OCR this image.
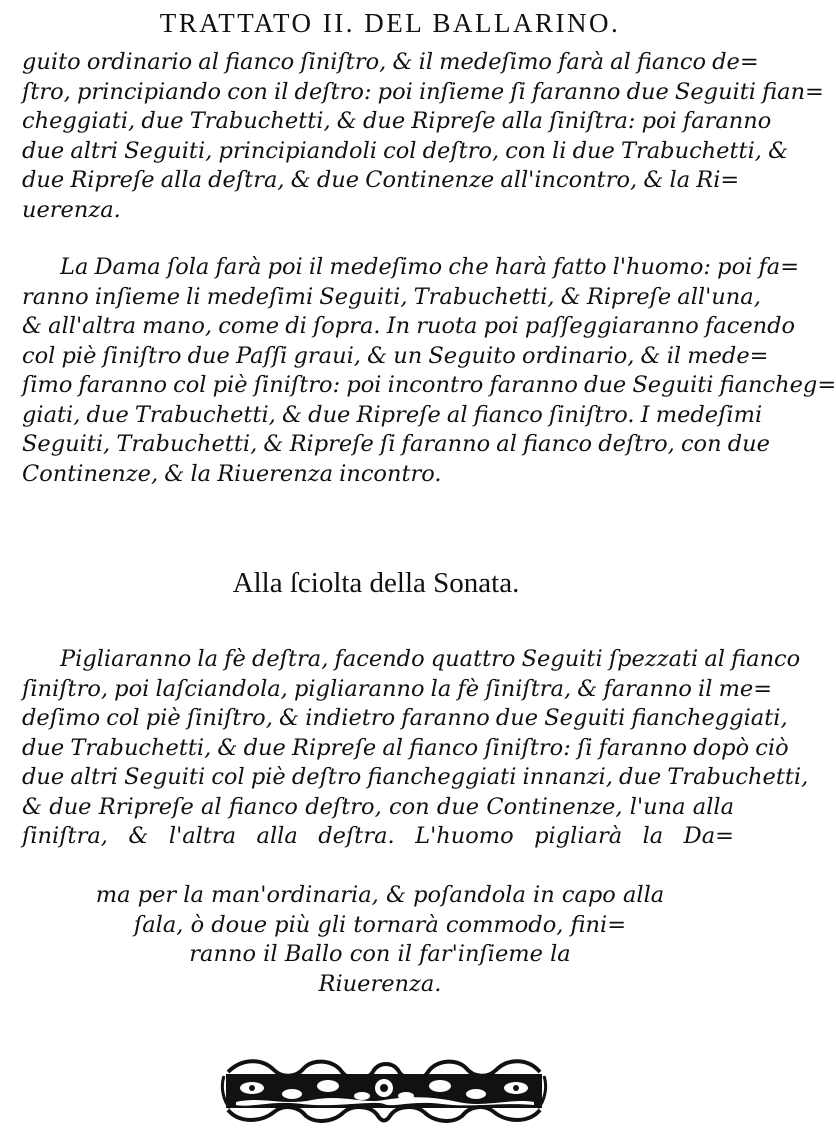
TRATTATO II. DEL BALLARINO.

guito ordinario al fianco ſiniſtro, & il medeſimo farà al fianco de=
ſtro, principiando con il deſtro: poi inſieme ſi faranno due Seguiti fian=
cheggiati, due Trabuchetti, & due Ripreſe alla ſiniſtra: poi faranno
due altri Seguiti, principiandoli col deſtro, con li due Trabuchetti, &
due Ripreſe alla deſtra, & due Continenze all'incontro, & la Ri=
uerenza.

La Dama ſola farà poi il medeſimo che harà fatto l'huomo: poi fa=
ranno inſieme li medeſimi Seguiti, Trabuchetti, & Ripreſe all'una,
& all'altra mano, come di ſopra. In ruota poi paſſeggiaranno facendo
col piè ſiniſtro due Paſſi graui, & un Seguito ordinario, & il mede=
ſimo faranno col piè ſiniſtro: poi incontro faranno due Seguiti fiancheg=
giati, due Trabuchetti, & due Ripreſe al fianco ſiniſtro. I medeſimi
Seguiti, Trabuchetti, & Ripreſe ſi faranno al fianco deſtro, con due
Continenze, & la Riuerenza incontro.

Alla ſciolta della Sonata.

Pigliaranno la fè deſtra, facendo quattro Seguiti ſpezzati al fianco
ſiniſtro, poi laſciandola, pigliaranno la fè ſiniſtra, & faranno il me=
deſimo col piè ſiniſtro, & indietro faranno due Seguiti fiancheggiati,
due Trabuchetti, & due Ripreſe al fianco ſiniſtro: ſi faranno dopò ciò
due altri Seguiti col piè deſtro fiancheggiati innanzi, due Trabuchetti,
& due Rripreſe al fianco deſtro, con due Continenze, l'una alla
ſiniſtra, & l'altra alla deſtra. L'huomo pigliarà la Da=

ma per la man'ordinaria, & poſandola in capo alla
ſala, ò doue più gli tornarà commodo, fini=
ranno il Ballo con il far'inſieme la
Riuerenza.
